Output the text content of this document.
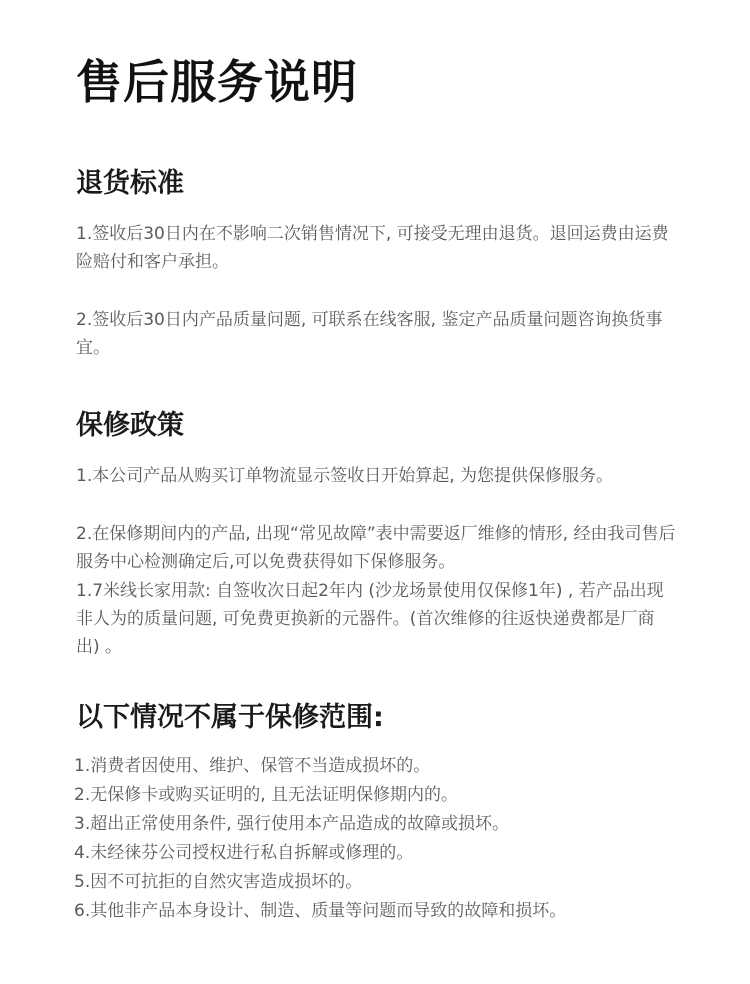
售后服务说明
退货标准

1.签收后30日内在不影响二次销售情况下, 可接受无理由退货。退回运费由运费险赔付和客户承担。

2.签收后30日内产品质量问题, 可联系在线客服, 鉴定产品质量问题咨询换货事宜。

保修政策

1.本公司产品从购买订单物流显示签收日开始算起, 为您提供保修服务。

2.在保修期间内的产品, 出现“常见故障”表中需要返厂维修的情形, 经由我司售后服务中心检测确定后,可以免费获得如下保修服务。

1.7米线长家用款: 自签收次日起2年内 (沙龙场景使用仅保修1年) , 若产品出现非人为的质量问题, 可免费更换新的元器件。(首次维修的往返快递费都是厂商出) 。

以下情况不属于保修范围:
1.消费者因使用、维护、保管不当造成损坏的。
2.无保修卡或购买证明的, 且无法证明保修期内的。
3.超出正常使用条件, 强行使用本产品造成的故障或损坏。
4.未经徕芬公司授权进行私自拆解或修理的。
5.因不可抗拒的自然灾害造成损坏的。
6.其他非产品本身设计、制造、质量等问题而导致的故障和损坏。
